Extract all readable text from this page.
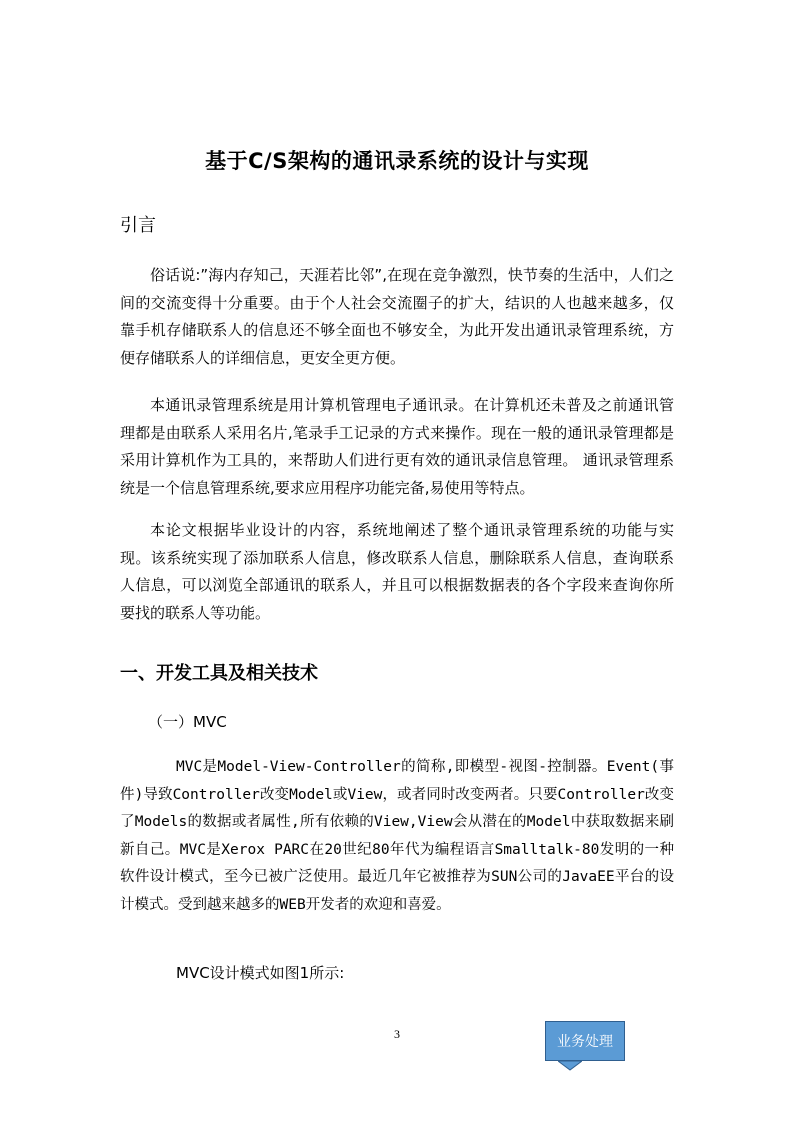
基于C/S架构的通讯录系统的设计与实现
引言

俗话说:”海内存知己，天涯若比邻”,在现在竞争激烈，快节奏的生活中，人们之间的交流变得十分重要。由于个人社会交流圈子的扩大，结识的人也越来越多，仅靠手机存储联系人的信息还不够全面也不够安全，为此开发出通讯录管理系统，方便存储联系人的详细信息，更安全更方便。

本通讯录管理系统是用计算机管理电子通讯录。在计算机还未普及之前通讯管理都是由联系人采用名片,笔录手工记录的方式来操作。现在一般的通讯录管理都是采用计算机作为工具的，来帮助人们进行更有效的通讯录信息管理。 通讯录管理系统是一个信息管理系统,要求应用程序功能完备,易使用等特点。

本论文根据毕业设计的内容，系统地阐述了整个通讯录管理系统的功能与实现。该系统实现了添加联系人信息，修改联系人信息，删除联系人信息，查询联系人信息，可以浏览全部通讯的联系人，并且可以根据数据表的各个字段来查询你所要找的联系人等功能。

一、开发工具及相关技术
（一）MVC

MVC是Model-View-Controller的简称,即模型-视图-控制器。Event(事件)导致Controller改变Model或View，或者同时改变两者。只要Controller改变了Models的数据或者属性,所有依赖的View,View会从潜在的Model中获取数据来刷新自己。MVC是Xerox PARC在20世纪80年代为编程语言Smalltalk-80发明的一种软件设计模式，至今已被广泛使用。最近几年它被推荐为SUN公司的JavaEE平台的设计模式。受到越来越多的WEB开发者的欢迎和喜爱。

MVC设计模式如图1所示:
3	业务处理
